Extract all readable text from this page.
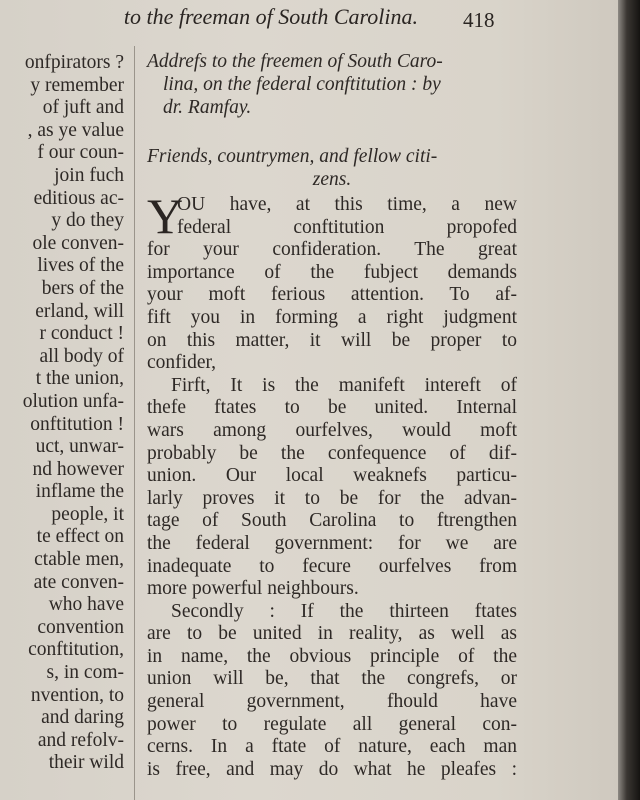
to the freeman of South Carolina. 418
onfpirators ?
y remember
of juft and
, as ye value
f our coun-
join fuch
editious ac-
y do they
ole conven-
lives of the
bers of the
erland, will
r conduct !
all body of
t the union,
olution unfa-
onftitution !
uct, unwar-
nd however
inflame the
people, it
te effect on
ctable men,
ate conven-
who have
convention
conftitution,
s, in com-
nvention, to
and daring
and refolv-
their wild
Addrefs to the freemen of South Caro-
lina, on the federal conftitution : by
dr. Ramfay.
Friends, countrymen, and fellow citi-
zens.
Y
OU have, at this time, a new
federal conftitution propofed
for your confideration. The great
importance of the fubject demands
your moft ferious attention. To af-
fift you in forming a right judgment
on this matter, it will be proper to
confider,
Firft, It is the manifeft intereft of
thefe ftates to be united. Internal
wars among ourfelves, would moft
probably be the confequence of dif-
union. Our local weaknefs particu-
larly proves it to be for the advan-
tage of South Carolina to ftrengthen
the federal government: for we are
inadequate to fecure ourfelves from
more powerful neighbours.
Secondly : If the thirteen ftates
are to be united in reality, as well as
in name, the obvious principle of the
union will be, that the congrefs, or
general government, fhould have
power to regulate all general con-
cerns. In a ftate of nature, each man
is free, and may do what he pleafes :
